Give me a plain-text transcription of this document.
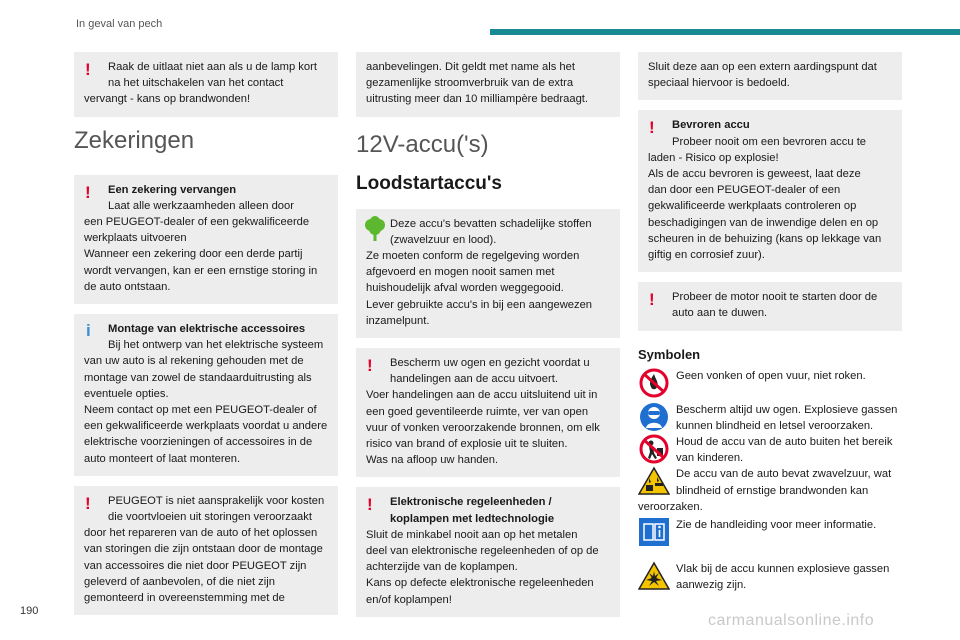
In geval van pech
!	Raak de uitlaat niet aan als u de lamp kort
na het uitschakelen van het contact
vervangt - kans op brandwonden!
Zekeringen
!	Een zekering vervangen
Laat alle werkzaamheden alleen door
een PEUGEOT-dealer of een gekwalificeerde
werkplaats uitvoeren
Wanneer een zekering door een derde partij
wordt vervangen, kan er een ernstige storing in
de auto ontstaan.
i	Montage van elektrische accessoires
Bij het ontwerp van het elektrische systeem
van uw auto is al rekening gehouden met de
montage van zowel de standaarduitrusting als
eventuele opties.
Neem contact op met een PEUGEOT-dealer of
een gekwalificeerde werkplaats voordat u andere
elektrische voorzieningen of accessoires in de
auto monteert of laat monteren.
!	PEUGEOT is niet aansprakelijk voor kosten
die voortvloeien uit storingen veroorzaakt
door het repareren van de auto of het oplossen
van storingen die zijn ontstaan door de montage
van accessoires die niet door PEUGEOT zijn
geleverd of aanbevolen, of die niet zijn
gemonteerd in overeenstemming met de
aanbevelingen. Dit geldt met name als het
gezamenlijke stroomverbruik van de extra
uitrusting meer dan 10 milliampère bedraagt.
12V-accu('s)
Loodstartaccu's
Deze accu's bevatten schadelijke stoffen
(zwavelzuur en lood).
Ze moeten conform de regelgeving worden
afgevoerd en mogen nooit samen met
huishoudelijk afval worden weggegooid.
Lever gebruikte accu's in bij een aangewezen
inzamelpunt.
!	Bescherm uw ogen en gezicht voordat u
handelingen aan de accu uitvoert.
Voer handelingen aan de accu uitsluitend uit in
een goed geventileerde ruimte, ver van open
vuur of vonken veroorzakende bronnen, om elk
risico van brand of explosie uit te sluiten.
Was na afloop uw handen.
!	Elektronische regeleenheden /
koplampen met ledtechnologie
Sluit de minkabel nooit aan op het metalen
deel van elektronische regeleenheden of op de
achterzijde van de koplampen.
Kans op defecte elektronische regeleenheden
en/of koplampen!
Sluit deze aan op een extern aardingspunt dat
speciaal hiervoor is bedoeld.
!	Bevroren accu
Probeer nooit om een bevroren accu te
laden - Risico op explosie!
Als de accu bevroren is geweest, laat deze
dan door een PEUGEOT-dealer of een
gekwalificeerde werkplaats controleren op
beschadigingen van de inwendige delen en op
scheuren in de behuizing (kans op lekkage van
giftig en corrosief zuur).
!	Probeer de motor nooit te starten door de
auto aan te duwen.
Symbolen
Geen vonken of open vuur, niet roken.
Bescherm altijd uw ogen. Explosieve gassen
kunnen blindheid en letsel veroorzaken.
Houd de accu van de auto buiten het bereik
van kinderen.
De accu van de auto bevat zwavelzuur, wat
blindheid of ernstige brandwonden kan
veroorzaken.
Zie de handleiding voor meer informatie.
Vlak bij de accu kunnen explosieve gassen
aanwezig zijn.
190
carmanualsonline.info
